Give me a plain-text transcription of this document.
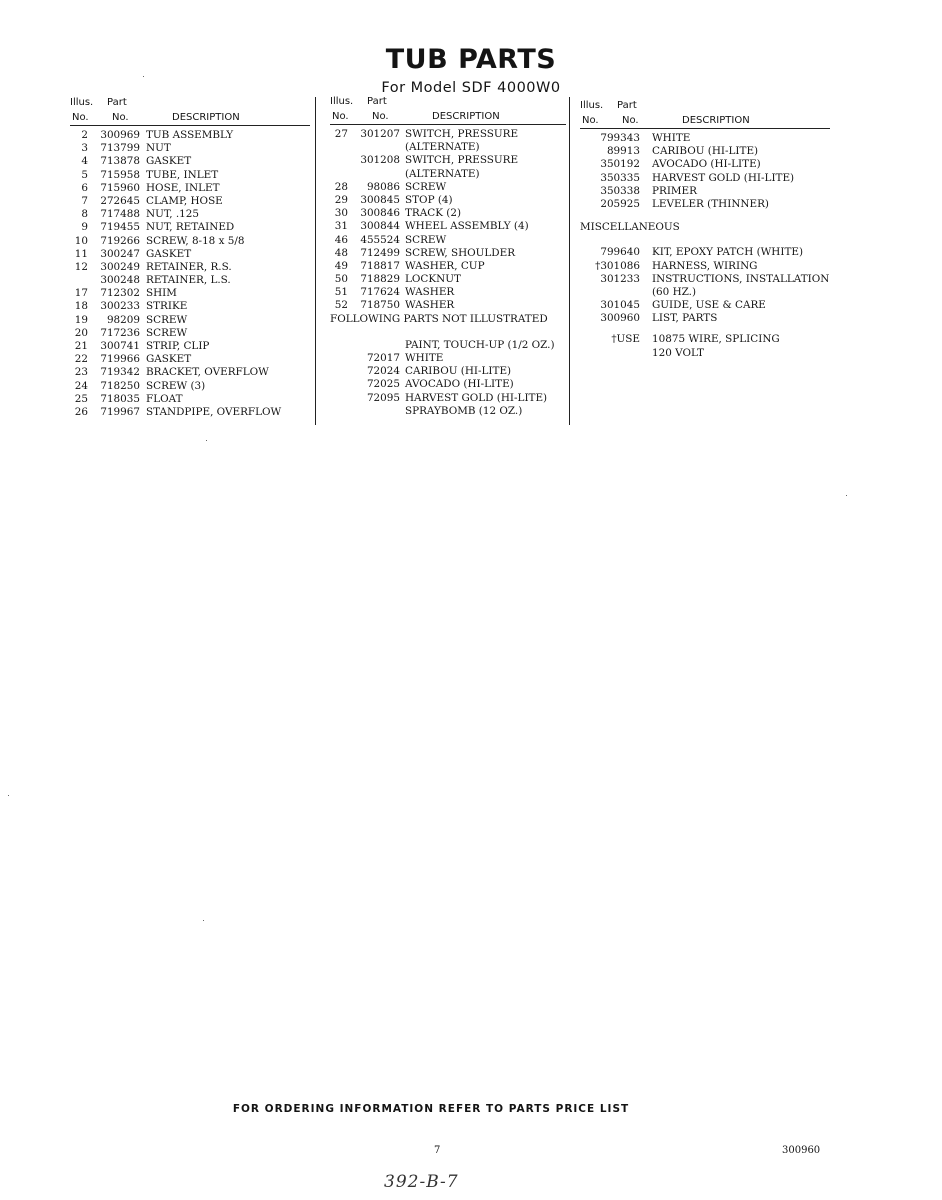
TUB PARTS
For Model SDF 4000W0
Illus. Part
No. No.	DESCRIPTION
2	300969 TUB ASSEMBLY
3	713799 NUT
4	713878 GASKET
5	715958 TUBE, INLET
6	715960 HOSE, INLET
7	272645 CLAMP, HOSE
8	717488 NUT, .125
9	719455 NUT, RETAINED
10	719266 SCREW, 8-18 x 5/8
11	300247 GASKET
12	300249 RETAINER, R.S.
300248 RETAINER, L.S.
17	712302 SHIM
18	300233 STRIKE
19	98209 SCREW
20	717236 SCREW
21	300741 STRIP, CLIP
22	719966 GASKET
23	719342 BRACKET, OVERFLOW
24	718250 SCREW (3)
25	718035 FLOAT
26	719967 STANDPIPE, OVERFLOW
Illus. Part
No. No.	DESCRIPTION
27	301207 SWITCH, PRESSURE
(ALTERNATE)
301208 SWITCH, PRESSURE
(ALTERNATE)
28	98086 SCREW
29	300845 STOP (4)
30	300846 TRACK (2)
31	300844 WHEEL ASSEMBLY (4)
46	455524 SCREW
48	712499 SCREW, SHOULDER
49	718817 WASHER, CUP
50	718829 LOCKNUT
51	717624 WASHER
52	718750 WASHER
FOLLOWING PARTS NOT ILLUSTRATED
PAINT, TOUCH-UP (1/2 OZ.)
72017 WHITE
72024 CARIBOU (HI-LITE)
72025 AVOCADO (HI-LITE)
72095 HARVEST GOLD (HI-LITE)
SPRAYBOMB (12 OZ.)
Illus. Part
No. No.	DESCRIPTION
799343 WHITE
89913 CARIBOU (HI-LITE)
350192 AVOCADO (HI-LITE)
350335 HARVEST GOLD (HI-LITE)
350338 PRIMER
205925 LEVELER (THINNER)
MISCELLANEOUS
799640 KIT, EPOXY PATCH (WHITE)
†301086 HARNESS, WIRING
301233 INSTRUCTIONS, INSTALLATION
(60 HZ.)
301045 GUIDE, USE & CARE
300960 LIST, PARTS
†USE 10875 WIRE, SPLICING
120 VOLT
FOR ORDERING INFORMATION REFER TO PARTS PRICE LIST
7	300960
392-B-7
